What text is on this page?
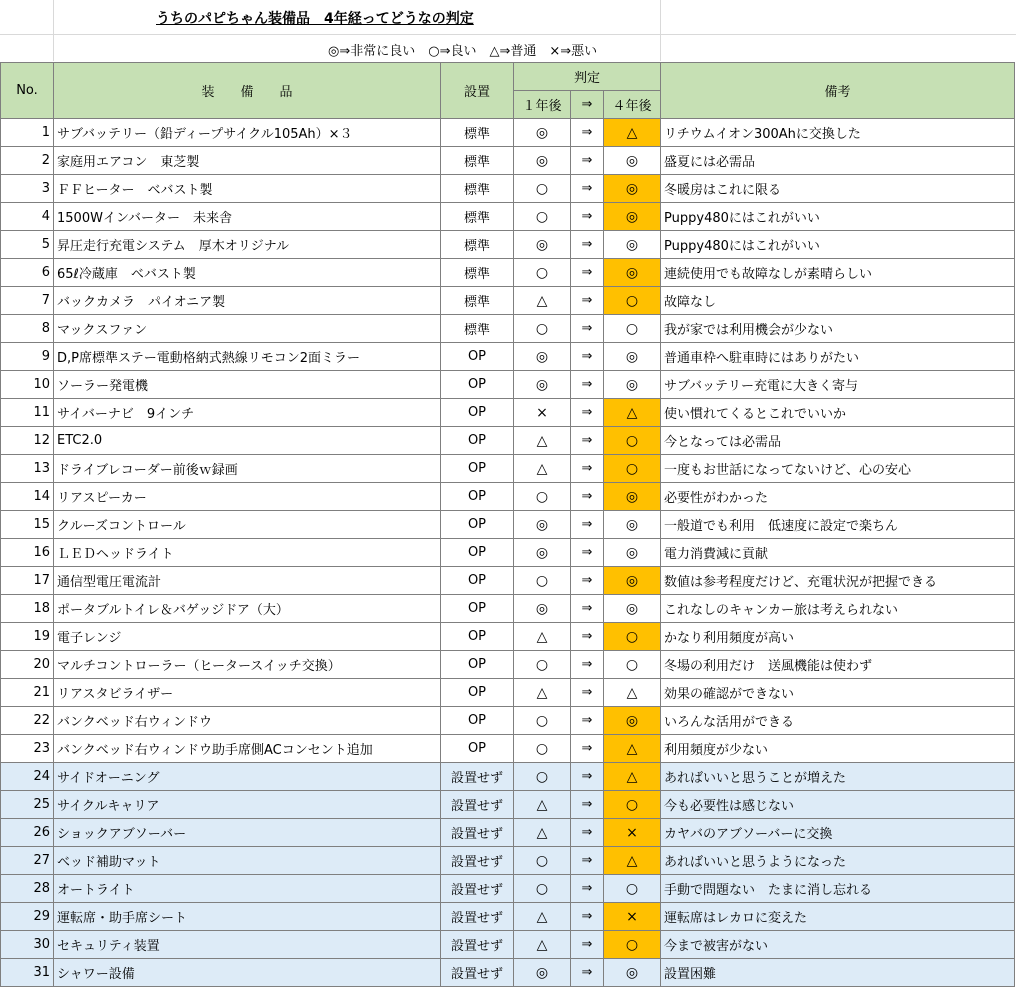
うちのパピちゃん装備品　4年経ってどうなの判定
◎⇒非常に良い　○⇒良い　△⇒普通　×⇒悪い
No.	装　　備　　品	設置	判定			備考
			１年後	⇒	４年後	
1	サブバッテリー（鉛ディープサイクル105Ah）×３	標準	◎	⇒	△	リチウムイオン300Ahに交換した
2	家庭用エアコン　東芝製	標準	◎	⇒	◎	盛夏には必需品
3	ＦＦヒーター　ベバスト製	標準	○	⇒	◎	冬暖房はこれに限る
4	1500Wインバーター　未来舎	標準	○	⇒	◎	Puppy480にはこれがいい
5	昇圧走行充電システム　厚木オリジナル	標準	◎	⇒	◎	Puppy480にはこれがいい
6	65ℓ冷蔵庫　ベバスト製	標準	○	⇒	◎	連続使用でも故障なしが素晴らしい
7	バックカメラ　パイオニア製	標準	△	⇒	○	故障なし
8	マックスファン	標準	○	⇒	○	我が家では利用機会が少ない
9	D,P席標準ステー電動格納式熱線リモコン2面ミラー	OP	◎	⇒	◎	普通車枠へ駐車時にはありがたい
10	ソーラー発電機	OP	◎	⇒	◎	サブバッテリー充電に大きく寄与
11	サイバーナビ　9インチ	OP	×	⇒	△	使い慣れてくるとこれでいいか
12	ETC2.0	OP	△	⇒	○	今となっては必需品
13	ドライブレコーダー前後ｗ録画	OP	△	⇒	○	一度もお世話になってないけど、心の安心
14	リアスピーカー	OP	○	⇒	◎	必要性がわかった
15	クルーズコントロール	OP	◎	⇒	◎	一般道でも利用　低速度に設定で楽ちん
16	ＬＥＤヘッドライト	OP	◎	⇒	◎	電力消費減に貢献
17	通信型電圧電流計	OP	○	⇒	◎	数値は参考程度だけど、充電状況が把握できる
18	ポータブルトイレ＆バゲッジドア（大）	OP	◎	⇒	◎	これなしのキャンカー旅は考えられない
19	電子レンジ	OP	△	⇒	○	かなり利用頻度が高い
20	マルチコントローラー（ヒータースイッチ交換）	OP	○	⇒	○	冬場の利用だけ　送風機能は使わず
21	リアスタビライザー	OP	△	⇒	△	効果の確認ができない
22	バンクベッド右ウィンドウ	OP	○	⇒	◎	いろんな活用ができる
23	バンクベッド右ウィンドウ助手席側ACコンセント追加	OP	○	⇒	△	利用頻度が少ない
24	サイドオーニング	設置せず	○	⇒	△	あればいいと思うことが増えた
25	サイクルキャリア	設置せず	△	⇒	○	今も必要性は感じない
26	ショックアブソーバー	設置せず	△	⇒	×	カヤバのアブソーバーに交換
27	ベッド補助マット	設置せず	○	⇒	△	あればいいと思うようになった
28	オートライト	設置せず	○	⇒	○	手動で問題ない　たまに消し忘れる
29	運転席・助手席シート	設置せず	△	⇒	×	運転席はレカロに変えた
30	セキュリティ装置	設置せず	△	⇒	○	今まで被害がない
31	シャワー設備	設置せず	◎	⇒	◎	設置困難
